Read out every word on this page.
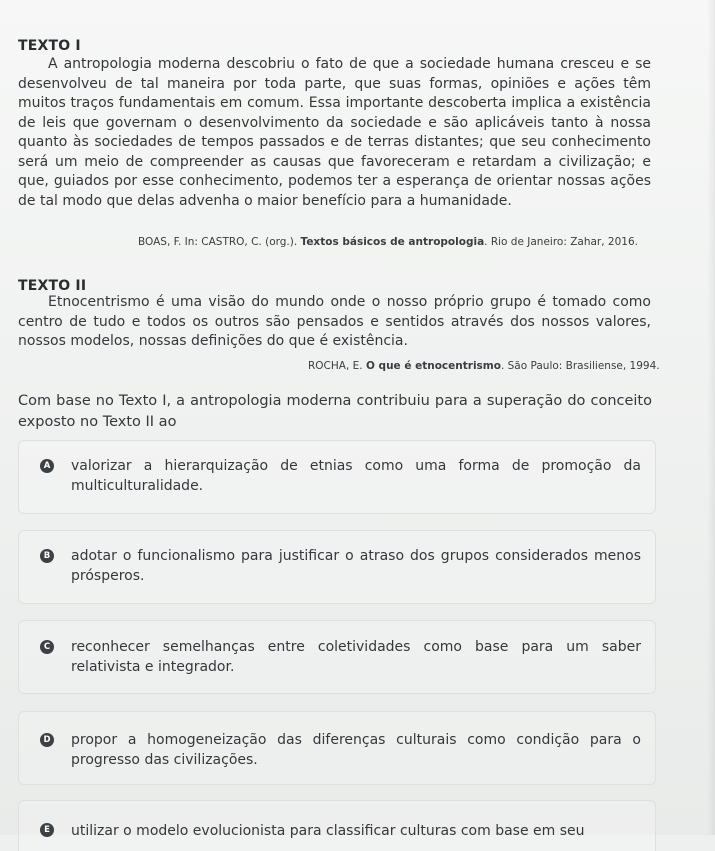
TEXTO I

A antropologia moderna descobriu o fato de que a sociedade humana cresceu e se desenvolveu de tal maneira por toda parte, que suas formas, opiniões e ações têm muitos traços fundamentais em comum. Essa importante descoberta implica a existência de leis que governam o desenvolvimento da sociedade e são aplicáveis tanto à nossa quanto às sociedades de tempos passados e de terras distantes; que seu conhecimento será um meio de compreender as causas que favoreceram e retardam a civilização; e que, guiados por esse conhecimento, podemos ter a esperança de orientar nossas ações de tal modo que delas advenha o maior benefício para a humanidade.

BOAS, F. In: CASTRO, C. (org.). Textos básicos de antropologia. Rio de Janeiro: Zahar, 2016.
TEXTO II

Etnocentrismo é uma visão do mundo onde o nosso próprio grupo é tomado como centro de tudo e todos os outros são pensados e sentidos através dos nossos valores, nossos modelos, nossas definições do que é existência.

ROCHA, E. O que é etnocentrismo. São Paulo: Brasiliense, 1994.

Com base no Texto I, a antropologia moderna contribuiu para a superação do conceito exposto no Texto II ao

A valorizar a hierarquização de etnias como uma forma de promoção da multiculturalidade.

B adotar o funcionalismo para justificar o atraso dos grupos considerados menos prósperos.

C reconhecer semelhanças entre coletividades como base para um saber relativista e integrador.

D propor a homogeneização das diferenças culturais como condição para o progresso das civilizações.

E utilizar o modelo evolucionista para classificar culturas com base em seu
